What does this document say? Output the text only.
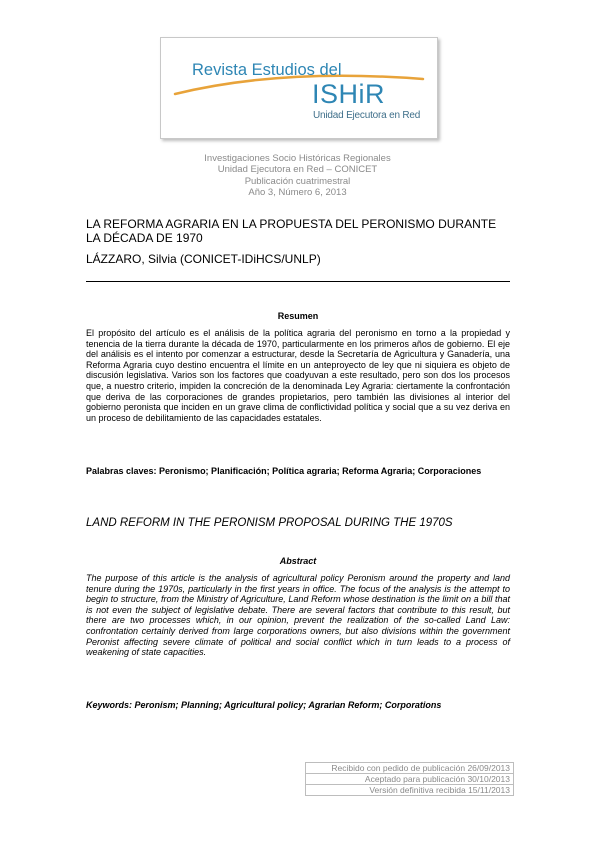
Revista Estudios del
ISHiR
Unidad Ejecutora en Red
Investigaciones Socio Históricas Regionales
Unidad Ejecutora en Red – CONICET
Publicación cuatrimestral
Año 3, Número 6, 2013
LA REFORMA AGRARIA EN LA PROPUESTA DEL PERONISMO DURANTE LA DÉCADA DE 1970
LÁZZARO, Silvia (CONICET-IDiHCS/UNLP)
Resumen
El propósito del artículo es el análisis de la política agraria del peronismo en torno a la propiedad y tenencia de la tierra durante la década de 1970, particularmente en los primeros años de gobierno. El eje del análisis es el intento por comenzar a estructurar, desde la Secretaría de Agricultura y Ganadería, una Reforma Agraria cuyo destino encuentra el límite en un anteproyecto de ley que ni siquiera es objeto de discusión legislativa. Varios son los factores que coadyuvan a este resultado, pero son dos los procesos que, a nuestro criterio, impiden la concreción de la denominada Ley Agraria: ciertamente la confrontación que deriva de las corporaciones de grandes propietarios, pero también las divisiones al interior del gobierno peronista que inciden en un grave clima de conflictividad política y social que a su vez deriva en un proceso de debilitamiento de las capacidades estatales.
Palabras claves: Peronismo; Planificación; Política agraria; Reforma Agraria; Corporaciones
LAND REFORM IN THE PERONISM PROPOSAL DURING THE 1970S
Abstract
The purpose of this article is the analysis of agricultural policy Peronism around the property and land tenure during the 1970s, particularly in the first years in office. The focus of the analysis is the attempt to begin to structure, from the Ministry of Agriculture, Land Reform whose destination is the limit on a bill that is not even the subject of legislative debate. There are several factors that contribute to this result, but there are two processes which, in our opinion, prevent the realization of the so-called Land Law: confrontation certainly derived from large corporations owners, but also divisions within the government Peronist affecting severe climate of political and social conflict which in turn leads to a process of weakening of state capacities.
Keywords: Peronism; Planning; Agricultural policy; Agrarian Reform; Corporations
Recibido con pedido de publicación 26/09/2013
Aceptado para publicación 30/10/2013
Versión definitiva recibida 15/11/2013
